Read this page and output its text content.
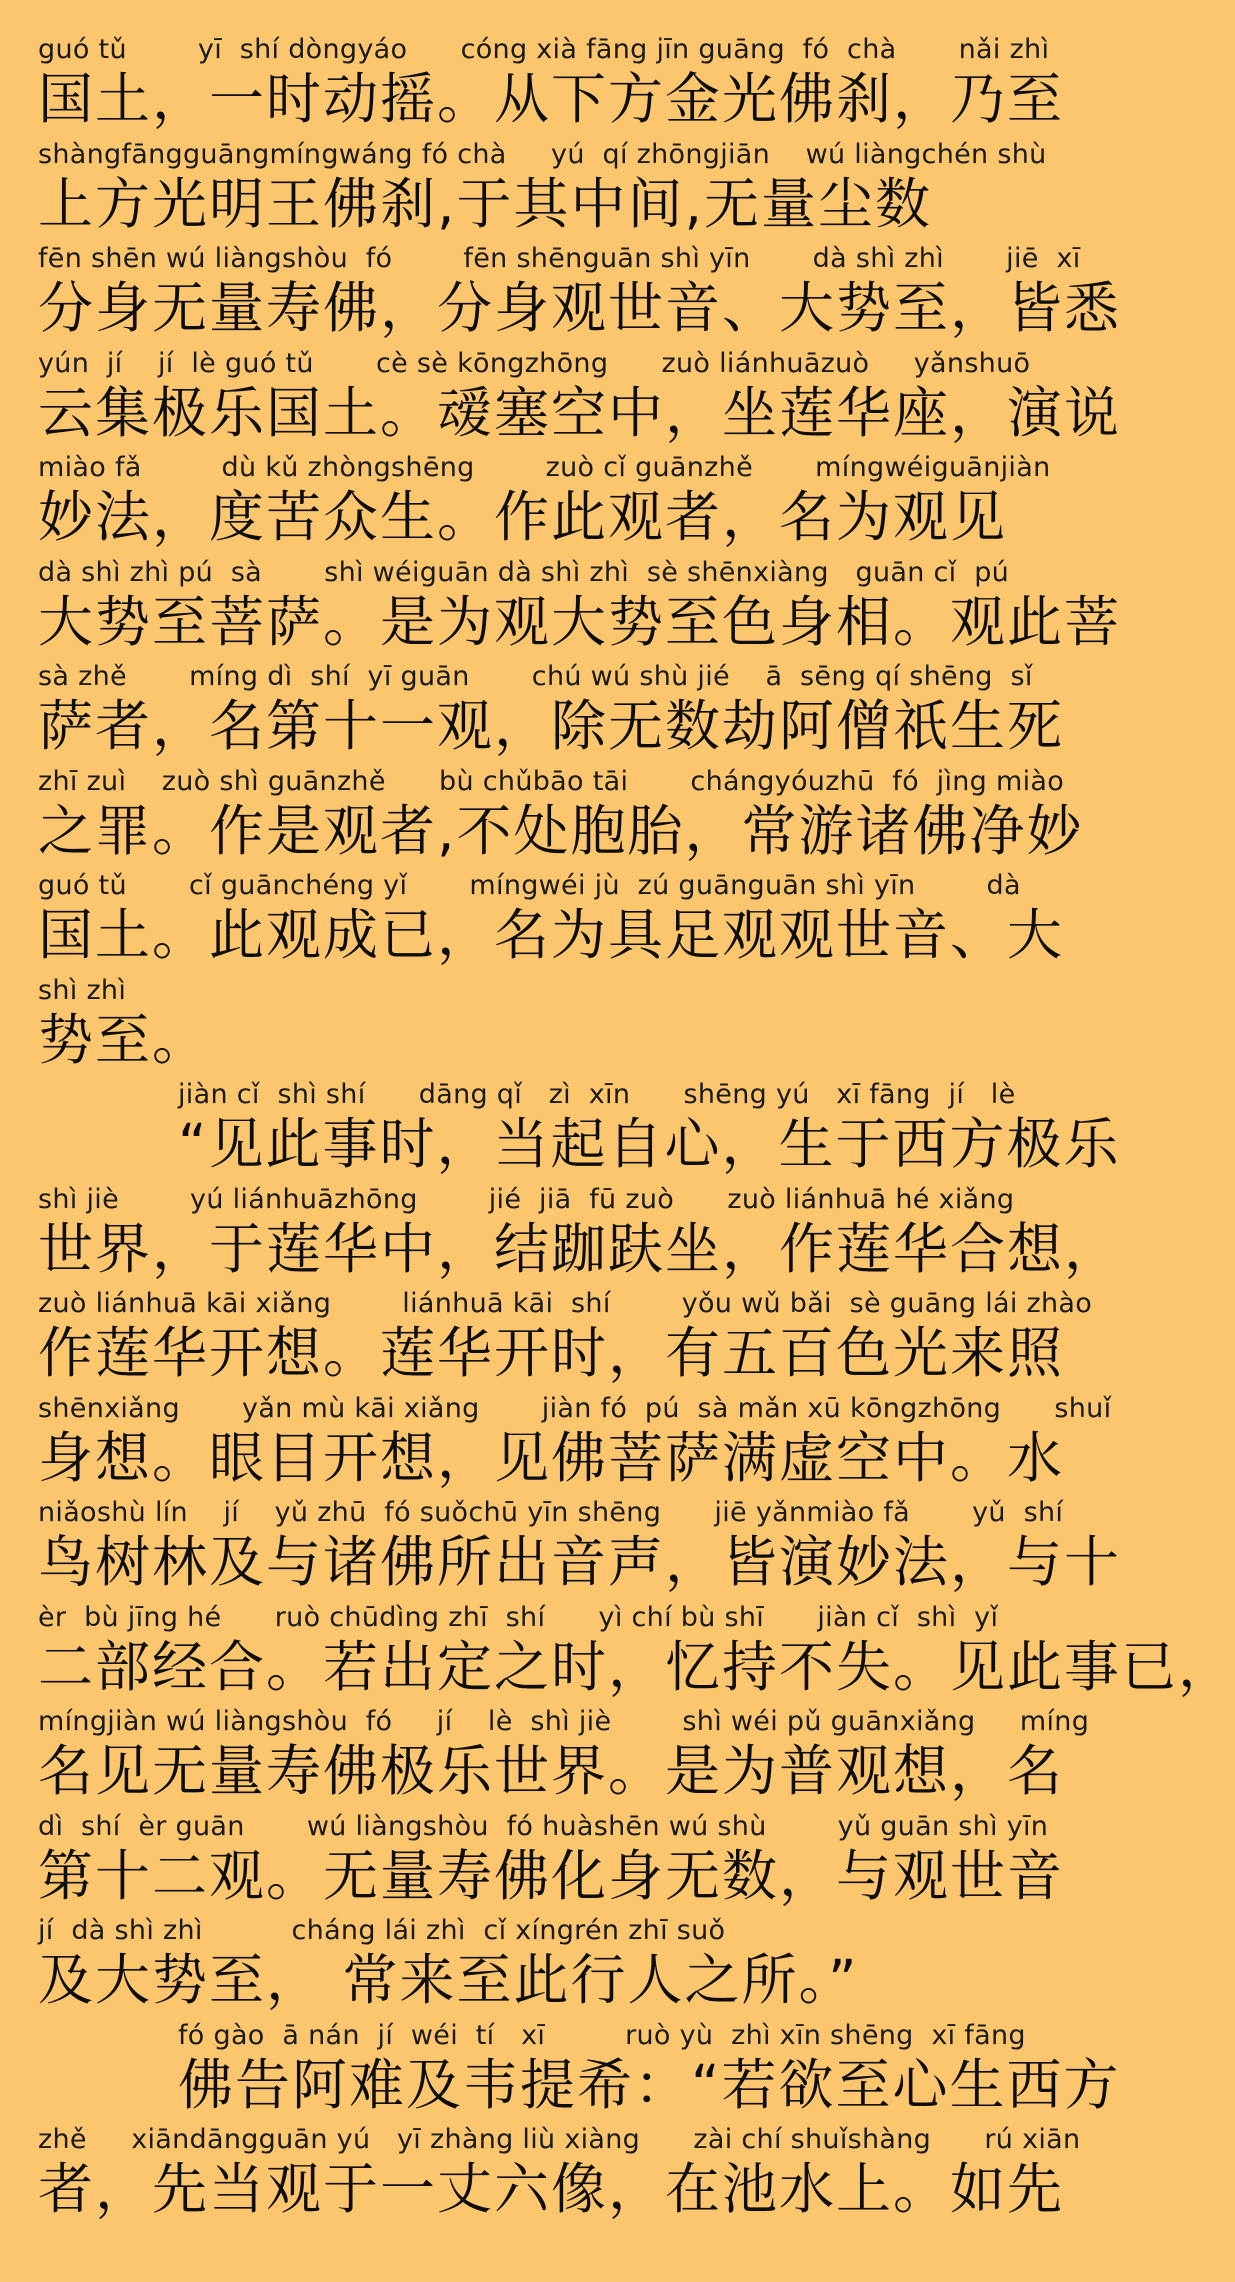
guó tǔ        yī  shí dòngyáo      cóng xià fāng jīn guāng  fó  chà       nǎi zhì
国土，一时动摇。从下方金光佛刹，乃至
shàngfāngguāngmíngwáng fó chà     yú  qí zhōngjiān    wú liàngchén shù
上方光明王佛刹,于其中间,无量尘数
fēn shēn wú liàngshòu  fó        fēn shēnguān shì yīn       dà shì zhì       jiē  xī
分身无量寿佛，分身观世音、大势至，皆悉
yún  jí    jí  lè guó tǔ       cè sè kōngzhōng      zuò liánhuāzuò     yǎnshuō
云集极乐国土。叆塞空中，坐莲华座，演说
miào fǎ         dù kǔ zhòngshēng        zuò cǐ guānzhě       míngwéiguānjiàn
妙法，度苦众生。作此观者，名为观见
dà shì zhì pú  sà       shì wéiguān dà shì zhì  sè shēnxiàng   guān cǐ  pú
大势至菩萨。是为观大势至色身相。观此菩
sà zhě       míng dì  shí  yī guān       chú wú shù jié    ā  sēng qí shēng  sǐ
萨者，名第十一观，除无数劫阿僧祇生死
zhī zuì    zuò shì guānzhě      bù chǔbāo tāi       chángyóuzhū  fó  jìng miào
之罪。作是观者,不处胞胎，常游诸佛净妙
guó tǔ       cǐ guānchéng yǐ       míngwéi jù  zú guānguān shì yīn        dà
国土。此观成已，名为具足观观世音、大
shì zhì
势至。
jiàn cǐ  shì shí      dāng qǐ   zì  xīn      shēng yú   xī fāng  jí   lè
“见此事时，当起自心，生于西方极乐
shì jiè        yú liánhuāzhōng        jié  jiā  fū zuò      zuò liánhuā hé xiǎng
世界，于莲华中，结跏趺坐，作莲华合想，
zuò liánhuā kāi xiǎng        liánhuā kāi  shí        yǒu wǔ bǎi  sè guāng lái zhào
作莲华开想。莲华开时，有五百色光来照
shēnxiǎng       yǎn mù kāi xiǎng       jiàn fó  pú  sà mǎn xū kōngzhōng      shuǐ
身想。眼目开想，见佛菩萨满虚空中。水
niǎoshù lín    jí    yǔ zhū  fó suǒchū yīn shēng      jiē yǎnmiào fǎ       yǔ  shí
鸟树林及与诸佛所出音声，皆演妙法，与十
èr  bù jīng hé      ruò chūdìng zhī  shí      yì chí bù shī      jiàn cǐ  shì  yǐ
二部经合。若出定之时，忆持不失。见此事已，
míngjiàn wú liàngshòu  fó     jí    lè  shì jiè        shì wéi pǔ guānxiǎng     míng
名见无量寿佛极乐世界。是为普观想，名
dì  shí  èr guān       wú liàngshòu  fó huàshēn wú shù        yǔ guān shì yīn
第十二观。无量寿佛化身无数，与观世音
jí  dà shì zhì          cháng lái zhì  cǐ xíngrén zhī suǒ
及大势至， 常来至此行人之所。”
fó gào  ā nán  jí  wéi  tí   xī         ruò yù  zhì xīn shēng  xī fāng
佛告阿难及韦提希：“若欲至心生西方
zhě     xiāndāngguān yú   yī zhàng liù xiàng      zài chí shuǐshàng      rú xiān
者，先当观于一丈六像，在池水上。如先
